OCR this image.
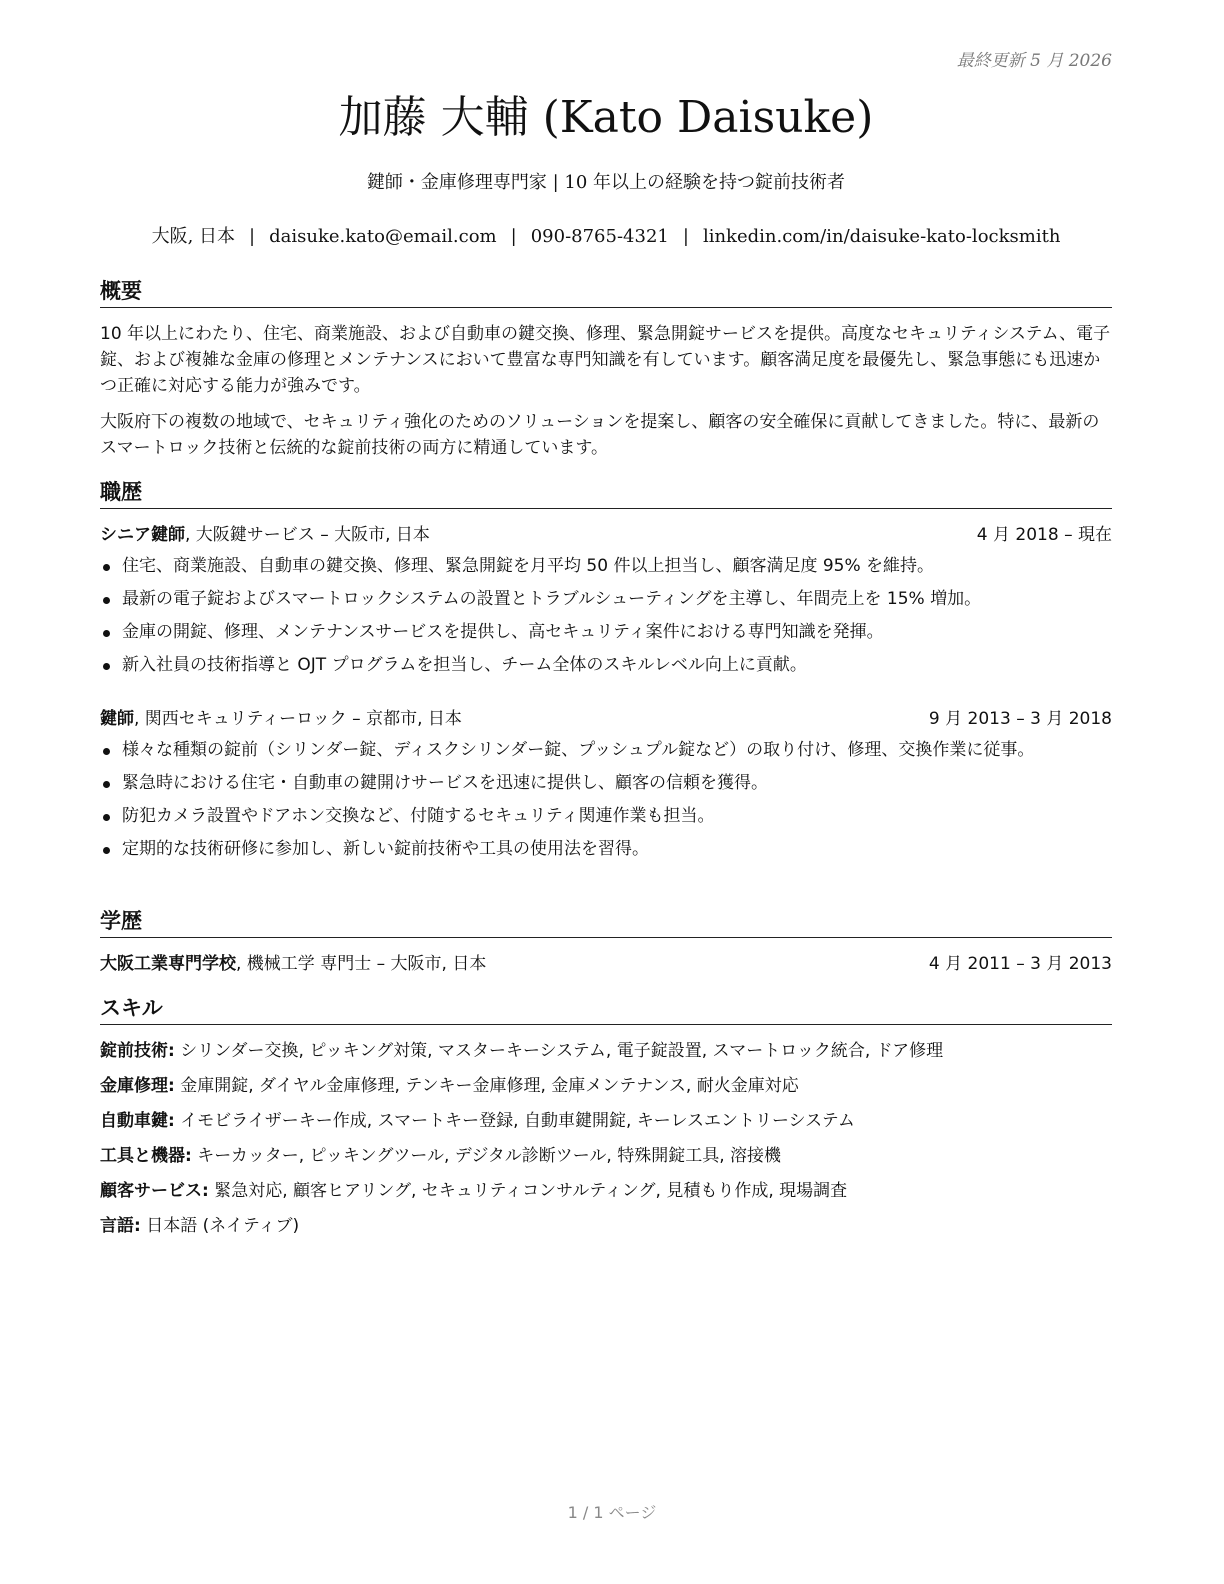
最終更新 5 月 2026
加藤 大輔 (Kato Daisuke)
鍵師・金庫修理専門家 | 10 年以上の経験を持つ錠前技術者
大阪, 日本 | daisuke.kato@email.com | 090-8765-4321 | linkedin.com/in/daisuke-kato-locksmith
概要
10 年以上にわたり、住宅、商業施設、および自動車の鍵交換、修理、緊急開錠サービスを提供。高度なセキュリティシステム、電子錠、および複雑な金庫の修理とメンテナンスにおいて豊富な専門知識を有しています。顧客満足度を最優先し、緊急事態にも迅速かつ正確に対応する能力が強みです。
大阪府下の複数の地域で、セキュリティ強化のためのソリューションを提案し、顧客の安全確保に貢献してきました。特に、最新のスマートロック技術と伝統的な錠前技術の両方に精通しています。
職歴
シニア鍵師, 大阪鍵サービス – 大阪市, 日本	4 月 2018 – 現在
住宅、商業施設、自動車の鍵交換、修理、緊急開錠を月平均 50 件以上担当し、顧客満足度 95% を維持。
最新の電子錠およびスマートロックシステムの設置とトラブルシューティングを主導し、年間売上を 15% 増加。
金庫の開錠、修理、メンテナンスサービスを提供し、高セキュリティ案件における専門知識を発揮。
新入社員の技術指導と OJT プログラムを担当し、チーム全体のスキルレベル向上に貢献。
鍵師, 関西セキュリティーロック – 京都市, 日本	9 月 2013 – 3 月 2018
様々な種類の錠前（シリンダー錠、ディスクシリンダー錠、プッシュプル錠など）の取り付け、修理、交換作業に従事。
緊急時における住宅・自動車の鍵開けサービスを迅速に提供し、顧客の信頼を獲得。
防犯カメラ設置やドアホン交換など、付随するセキュリティ関連作業も担当。
定期的な技術研修に参加し、新しい錠前技術や工具の使用法を習得。
学歴
大阪工業専門学校, 機械工学 専門士 – 大阪市, 日本	4 月 2011 – 3 月 2013
スキル
錠前技術: シリンダー交換, ピッキング対策, マスターキーシステム, 電子錠設置, スマートロック統合, ドア修理
金庫修理: 金庫開錠, ダイヤル金庫修理, テンキー金庫修理, 金庫メンテナンス, 耐火金庫対応
自動車鍵: イモビライザーキー作成, スマートキー登録, 自動車鍵開錠, キーレスエントリーシステム
工具と機器: キーカッター, ピッキングツール, デジタル診断ツール, 特殊開錠工具, 溶接機
顧客サービス: 緊急対応, 顧客ヒアリング, セキュリティコンサルティング, 見積もり作成, 現場調査
言語: 日本語 (ネイティブ)
1 / 1 ページ
